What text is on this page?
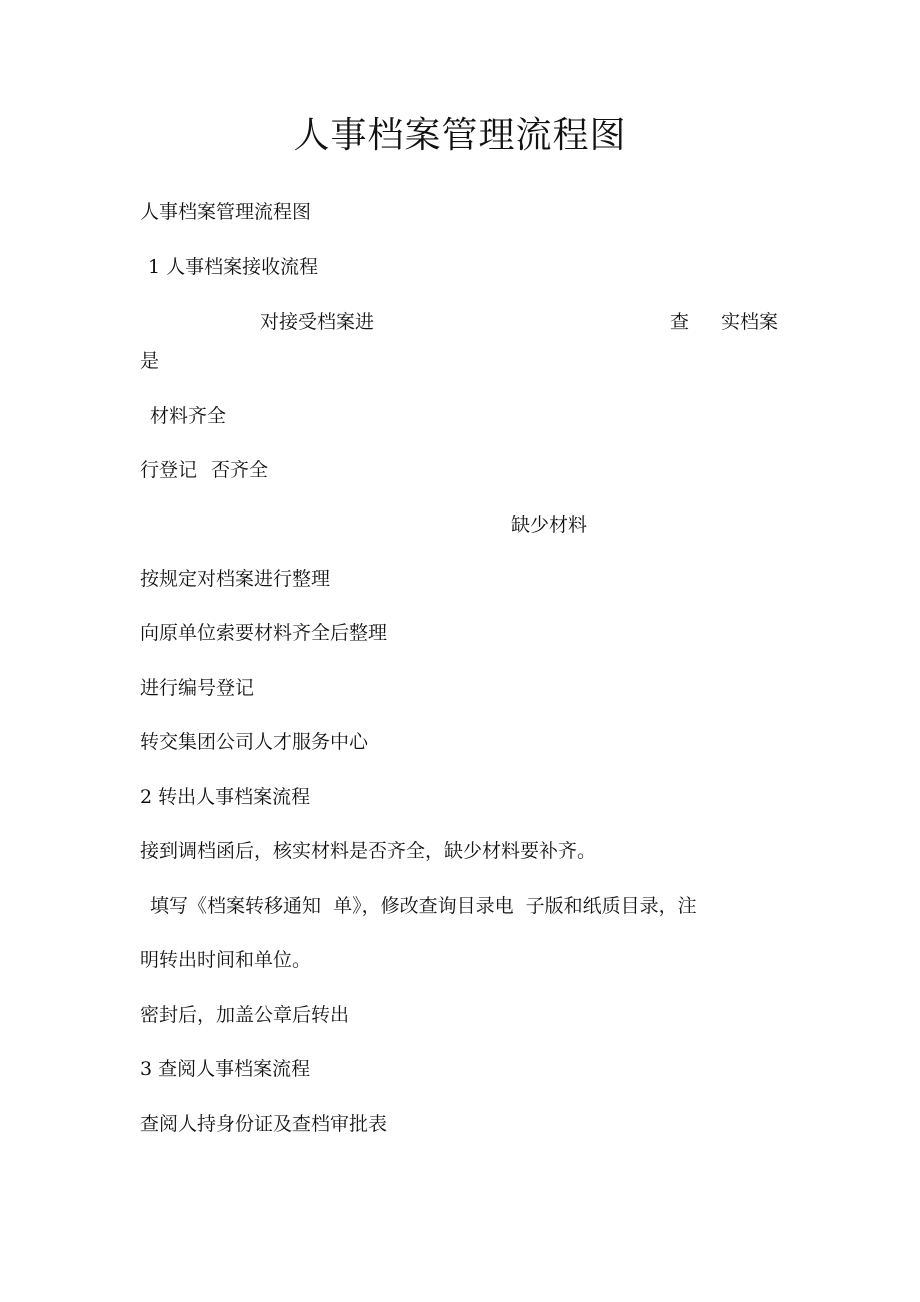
人事档案管理流程图

人事档案管理流程图

1 人事档案接收流程

对接受档案进	查 实档案

是

材料齐全

行登记 否齐全

缺少材料

按规定对档案进行整理

向原单位索要材料齐全后整理

进行编号登记

转交集团公司人才服务中心

2 转出人事档案流程

接到调档函后，核实材料是否齐全，缺少材料要补齐。

填写《档案转移通知  单》，修改查询目录电  子版和纸质目录，注

明转出时间和单位。

密封后，加盖公章后转出

3 查阅人事档案流程

查阅人持身份证及查档审批表
